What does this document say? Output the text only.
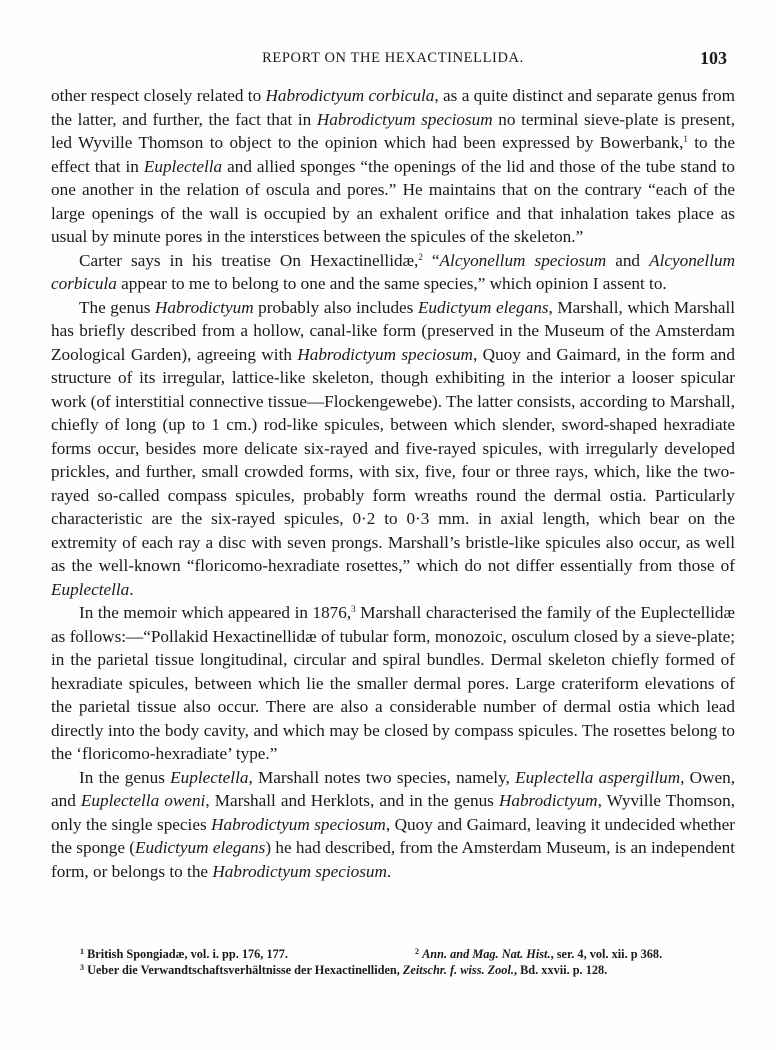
REPORT ON THE HEXACTINELLIDA.	103

other respect closely related to Habrodictyum corbicula, as a quite distinct and separate genus from the latter, and further, the fact that in Habrodictyum speciosum no terminal sieve-plate is present, led Wyville Thomson to object to the opinion which had been expressed by Bowerbank,$^1$ to the effect that in Euplectella and allied sponges “the openings of the lid and those of the tube stand to one another in the relation of oscula and pores.” He maintains that on the contrary “each of the large openings of the wall is occupied by an exhalent orifice and that inhalation takes place as usual by minute pores in the interstices between the spicules of the skeleton.”

Carter says in his treatise On Hexactinellidæ,$^2$ “Alcyonellum speciosum and Alcyonellum corbicula appear to me to belong to one and the same species,” which opinion I assent to.

The genus Habrodictyum probably also includes Eudictyum elegans, Marshall, which Marshall has briefly described from a hollow, canal-like form (preserved in the Museum of the Amsterdam Zoological Garden), agreeing with Habrodictyum speciosum, Quoy and Gaimard, in the form and structure of its irregular, lattice-like skeleton, though exhibiting in the interior a looser spicular work (of interstitial connective tissue—Flockengewebe). The latter consists, according to Marshall, chiefly of long (up to 1 cm.) rod-like spicules, between which slender, sword-shaped hexradiate forms occur, besides more delicate six-rayed and five-rayed spicules, with irregularly developed prickles, and further, small crowded forms, with six, five, four or three rays, which, like the two-rayed so-called compass spicules, probably form wreaths round the dermal ostia. Particularly characteristic are the six-rayed spicules, 0·2 to 0·3 mm. in axial length, which bear on the extremity of each ray a disc with seven prongs. Marshall’s bristle-like spicules also occur, as well as the well-known “floricomo-hexradiate rosettes,” which do not differ essentially from those of Euplectella.

In the memoir which appeared in 1876,$^3$ Marshall characterised the family of the Euplectellidæ as follows:—“Pollakid Hexactinellidæ of tubular form, monozoic, osculum closed by a sieve-plate; in the parietal tissue longitudinal, circular and spiral bundles. Dermal skeleton chiefly formed of hexradiate spicules, between which lie the smaller dermal pores. Large crateriform elevations of the parietal tissue also occur. There are also a considerable number of dermal ostia which lead directly into the body cavity, and which may be closed by compass spicules. The rosettes belong to the ‘floricomo-hexradiate’ type.”

In the genus Euplectella, Marshall notes two species, namely, Euplectella aspergillum, Owen, and Euplectella oweni, Marshall and Herklots, and in the genus Habrodictyum, Wyville Thomson, only the single species Habrodictyum speciosum, Quoy and Gaimard, leaving it undecided whether the sponge (Eudictyum elegans) he had described, from the Amsterdam Museum, is an independent form, or belongs to the Habrodictyum speciosum.

$^1$ British Spongiadæ, vol. i. pp. 176, 177.	$^2$ Ann. and Mag. Nat. Hist., ser. 4, vol. xii. p 368.
$^3$ Ueber die Verwandtschaftsverhältnisse der Hexactinelliden, Zeitschr. f. wiss. Zool., Bd. xxvii. p. 128.
